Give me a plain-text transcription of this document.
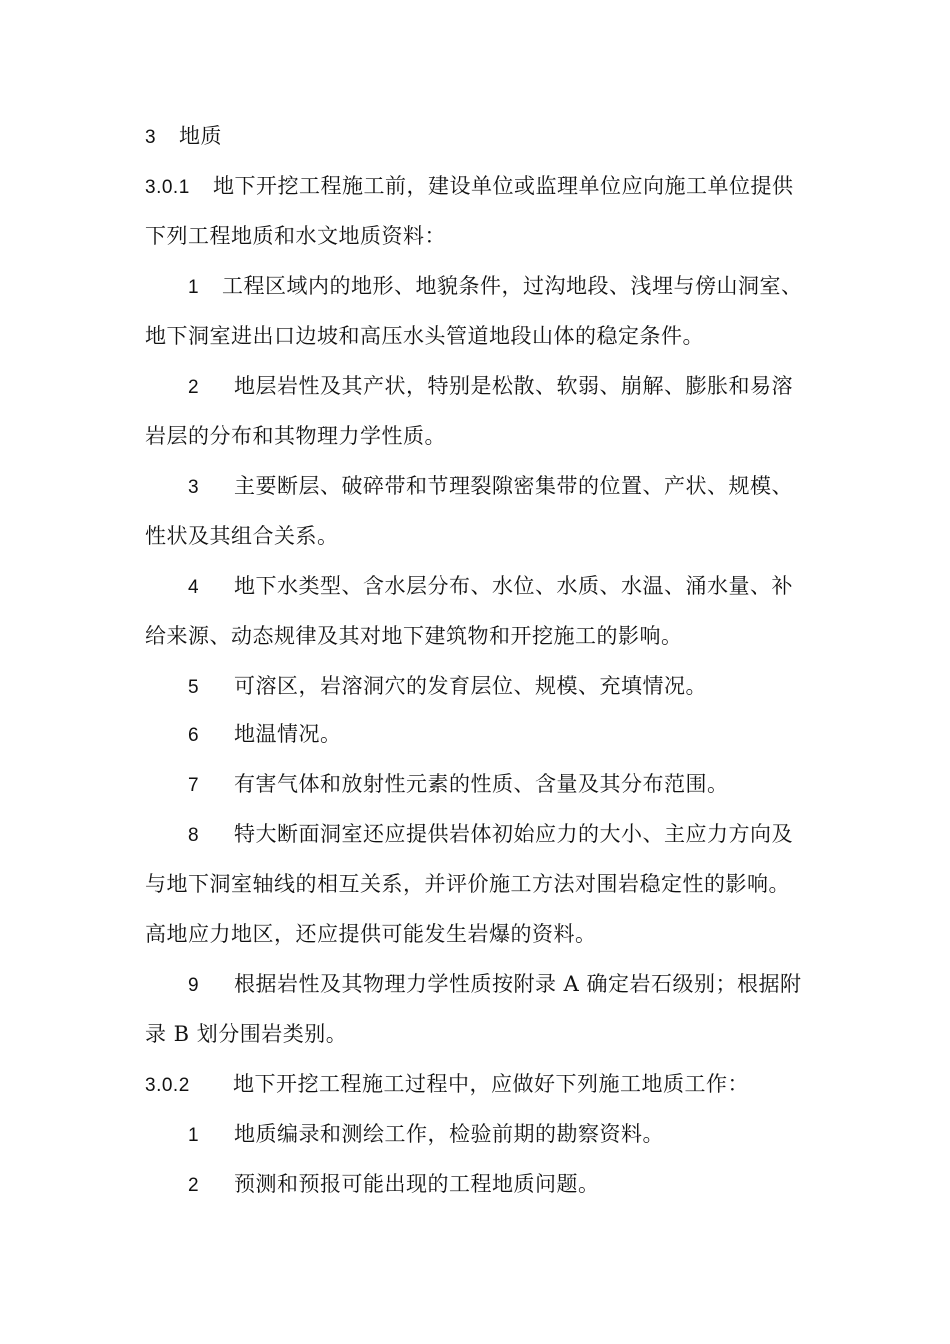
3 地质
3.0.1 地下开挖工程施工前，建设单位或监理单位应向施工单位提供
下列工程地质和水文地质资料：
1 工程区域内的地形、地貌条件，过沟地段、浅埋与傍山洞室、
地下洞室进出口边坡和高压水头管道地段山体的稳定条件。
2 地层岩性及其产状，特别是松散、软弱、崩解、膨胀和易溶
岩层的分布和其物理力学性质。
3 主要断层、破碎带和节理裂隙密集带的位置、产状、规模、
性状及其组合关系。
4 地下水类型、含水层分布、水位、水质、水温、涌水量、补
给来源、动态规律及其对地下建筑物和开挖施工的影响。
5 可溶区，岩溶洞穴的发育层位、规模、充填情况。
6 地温情况。
7 有害气体和放射性元素的性质、含量及其分布范围。
8 特大断面洞室还应提供岩体初始应力的大小、主应力方向及
与地下洞室轴线的相互关系，并评价施工方法对围岩稳定性的影响。
高地应力地区，还应提供可能发生岩爆的资料。
9 根据岩性及其物理力学性质按附录 A 确定岩石级别；根据附
录 B 划分围岩类别。
3.0.2 地下开挖工程施工过程中，应做好下列施工地质工作：
1 地质编录和测绘工作，检验前期的勘察资料。
2 预测和预报可能出现的工程地质问题。
